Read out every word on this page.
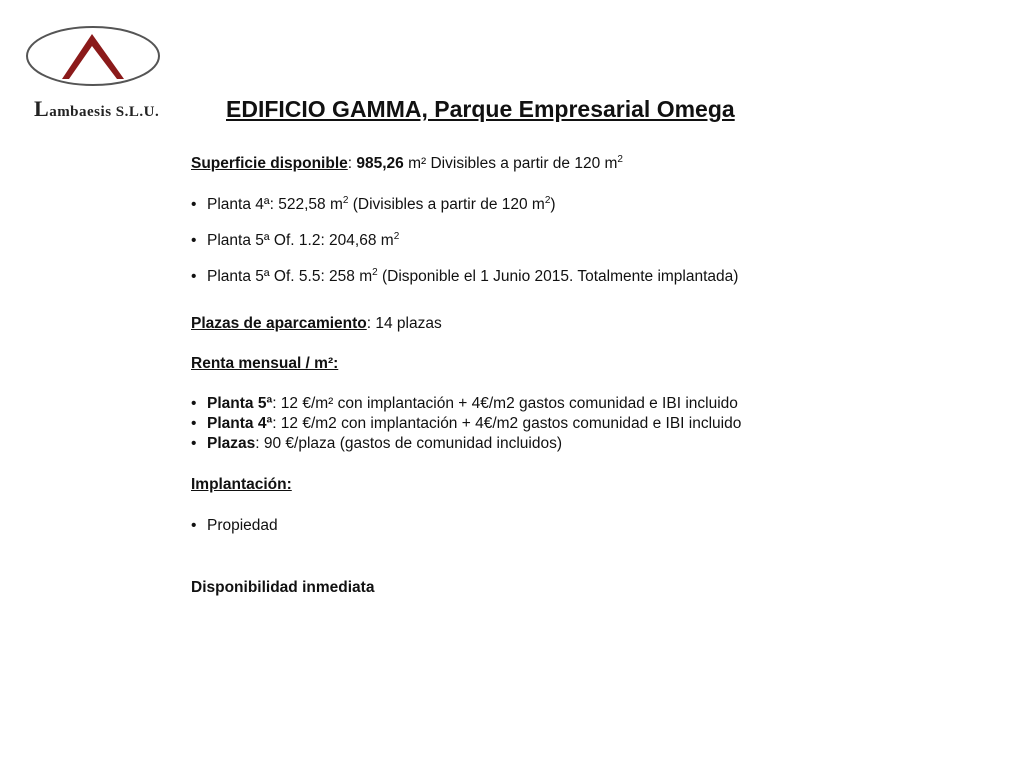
Lambaesis S.L.U.	EDIFICIO GAMMA, Parque Empresarial Omega
Superficie disponible: 985,26 m² Divisibles a partir de 120 $m^2$
• Planta 4ª: 522,58 $m^2$ (Divisibles a partir de 120 $m^2$)
• Planta 5ª Of. 1.2: 204,68 $m^2$
• Planta 5ª Of. 5.5: 258 $m^2$ (Disponible el 1 Junio 2015. Totalmente implantada)
Plazas de aparcamiento: 14 plazas
Renta mensual / m²:
• Planta 5ª: 12 €/m² con implantación + 4€/m2 gastos comunidad e IBI incluido
• Planta 4ª: 12 €/m2 con implantación + 4€/m2 gastos comunidad e IBI incluido
• Plazas: 90 €/plaza (gastos de comunidad incluidos)
Implantación:
• Propiedad
Disponibilidad inmediata
